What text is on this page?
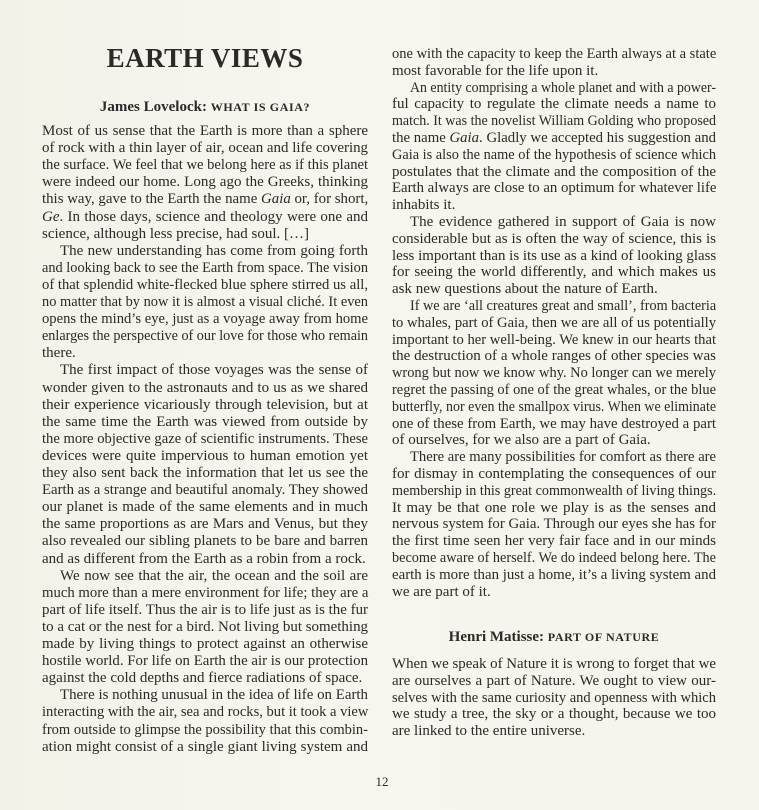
EARTH VIEWS
James Lovelock: WHAT IS GAIA?
Most of us sense that the Earth is more than a sphere
of rock with a thin layer of air, ocean and life covering
the surface. We feel that we belong here as if this planet
were indeed our home. Long ago the Greeks, thinking
this way, gave to the Earth the name Gaia or, for short,
Ge. In those days, science and theology were one and
science, although less precise, had soul. […]
The new understanding has come from going forth
and looking back to see the Earth from space. The vision
of that splendid white-flecked blue sphere stirred us all,
no matter that by now it is almost a visual cliché. It even
opens the mind’s eye, just as a voyage away from home
enlarges the perspective of our love for those who remain
there.
The first impact of those voyages was the sense of
wonder given to the astronauts and to us as we shared
their experience vicariously through television, but at
the same time the Earth was viewed from outside by
the more objective gaze of scientific instruments. These
devices were quite impervious to human emotion yet
they also sent back the information that let us see the
Earth as a strange and beautiful anomaly. They showed
our planet is made of the same elements and in much
the same proportions as are Mars and Venus, but they
also revealed our sibling planets to be bare and barren
and as different from the Earth as a robin from a rock.
We now see that the air, the ocean and the soil are
much more than a mere environment for life; they are a
part of life itself. Thus the air is to life just as is the fur
to a cat or the nest for a bird. Not living but something
made by living things to protect against an otherwise
hostile world. For life on Earth the air is our protection
against the cold depths and fierce radiations of space.
There is nothing unusual in the idea of life on Earth
interacting with the air, sea and rocks, but it took a view
from outside to glimpse the possibility that this combin-
ation might consist of a single giant living system and
one with the capacity to keep the Earth always at a state
most favorable for the life upon it.
An entity comprising a whole planet and with a power-
ful capacity to regulate the climate needs a name to
match. It was the novelist William Golding who proposed
the name Gaia. Gladly we accepted his suggestion and
Gaia is also the name of the hypothesis of science which
postulates that the climate and the composition of the
Earth always are close to an optimum for whatever life
inhabits it.
The evidence gathered in support of Gaia is now
considerable but as is often the way of science, this is
less important than is its use as a kind of looking glass
for seeing the world differently, and which makes us
ask new questions about the nature of Earth.
If we are ‘all creatures great and small’, from bacteria
to whales, part of Gaia, then we are all of us potentially
important to her well-being. We knew in our hearts that
the destruction of a whole ranges of other species was
wrong but now we know why. No longer can we merely
regret the passing of one of the great whales, or the blue
butterfly, nor even the smallpox virus. When we eliminate
one of these from Earth, we may have destroyed a part
of ourselves, for we also are a part of Gaia.
There are many possibilities for comfort as there are
for dismay in contemplating the consequences of our
membership in this great commonwealth of living things.
It may be that one role we play is as the senses and
nervous system for Gaia. Through our eyes she has for
the first time seen her very fair face and in our minds
become aware of herself. We do indeed belong here. The
earth is more than just a home, it’s a living system and
we are part of it.
Henri Matisse: PART OF NATURE
When we speak of Nature it is wrong to forget that we
are ourselves a part of Nature. We ought to view our-
selves with the same curiosity and openness with which
we study a tree, the sky or a thought, because we too
are linked to the entire universe.
12
